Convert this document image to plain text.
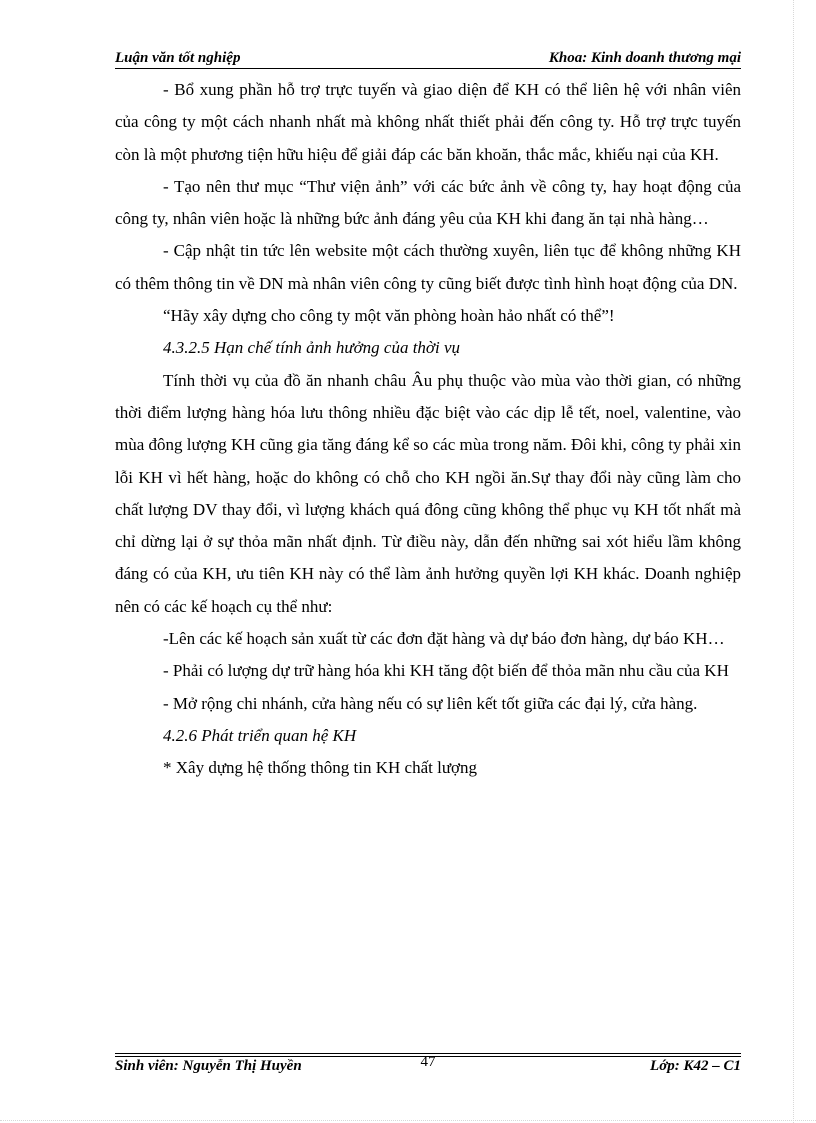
Luận văn tốt nghiệp	Khoa: Kinh doanh thương mại

- Bổ xung phần hỗ trợ trực tuyến và giao diện để KH có thể liên hệ với nhân viên của công ty một cách nhanh nhất mà không nhất thiết phải đến công ty. Hỗ trợ trực tuyến còn là một phương tiện hữu hiệu để giải đáp các băn khoăn, thắc mắc, khiếu nại của KH.

- Tạo nên thư mục “Thư viện ảnh” với các bức ảnh về công ty, hay hoạt động của công ty, nhân viên hoặc là những bức ảnh đáng yêu của KH khi đang ăn tại nhà hàng…

- Cập nhật tin tức lên website một cách thường xuyên, liên tục để không những KH có thêm thông tin về DN mà nhân viên công ty cũng biết được tình hình hoạt động của DN.

“Hãy xây dựng cho công ty một văn phòng hoàn hảo nhất có thể”!

4.3.2.5 Hạn chế tính ảnh hưởng của thời vụ

Tính thời vụ của đồ ăn nhanh châu Âu phụ thuộc vào mùa vào thời gian, có những thời điểm lượng hàng hóa lưu thông nhiều đặc biệt vào các dịp lễ tết, noel, valentine, vào mùa đông lượng KH cũng gia tăng đáng kể so các mùa trong năm. Đôi khi, công ty phải xin lỗi KH vì hết hàng, hoặc do không có chỗ cho KH ngồi ăn.Sự thay đổi này cũng làm cho chất lượng DV thay đổi, vì lượng khách quá đông cũng không thể phục vụ KH tốt nhất mà chỉ dừng lại ở sự thỏa mãn nhất định. Từ điều này, dẫn đến những sai xót hiểu lầm không đáng có của KH, ưu tiên KH này có thể làm ảnh hưởng quyền lợi KH khác. Doanh nghiệp nên có các kế hoạch cụ thể như:

-Lên các kế hoạch sản xuất từ các đơn đặt hàng và dự báo đơn hàng, dự báo KH…

- Phải có lượng dự trữ hàng hóa khi KH tăng đột biến để thỏa mãn nhu cầu của KH

- Mở rộng chi nhánh, cửa hàng nếu có sự liên kết tốt giữa các đại lý, cửa hàng.

4.2.6 Phát triển quan hệ KH

* Xây dựng hệ thống thông tin KH chất lượng

Sinh viên: Nguyễn Thị Huyền	47	Lớp: K42 – C1
